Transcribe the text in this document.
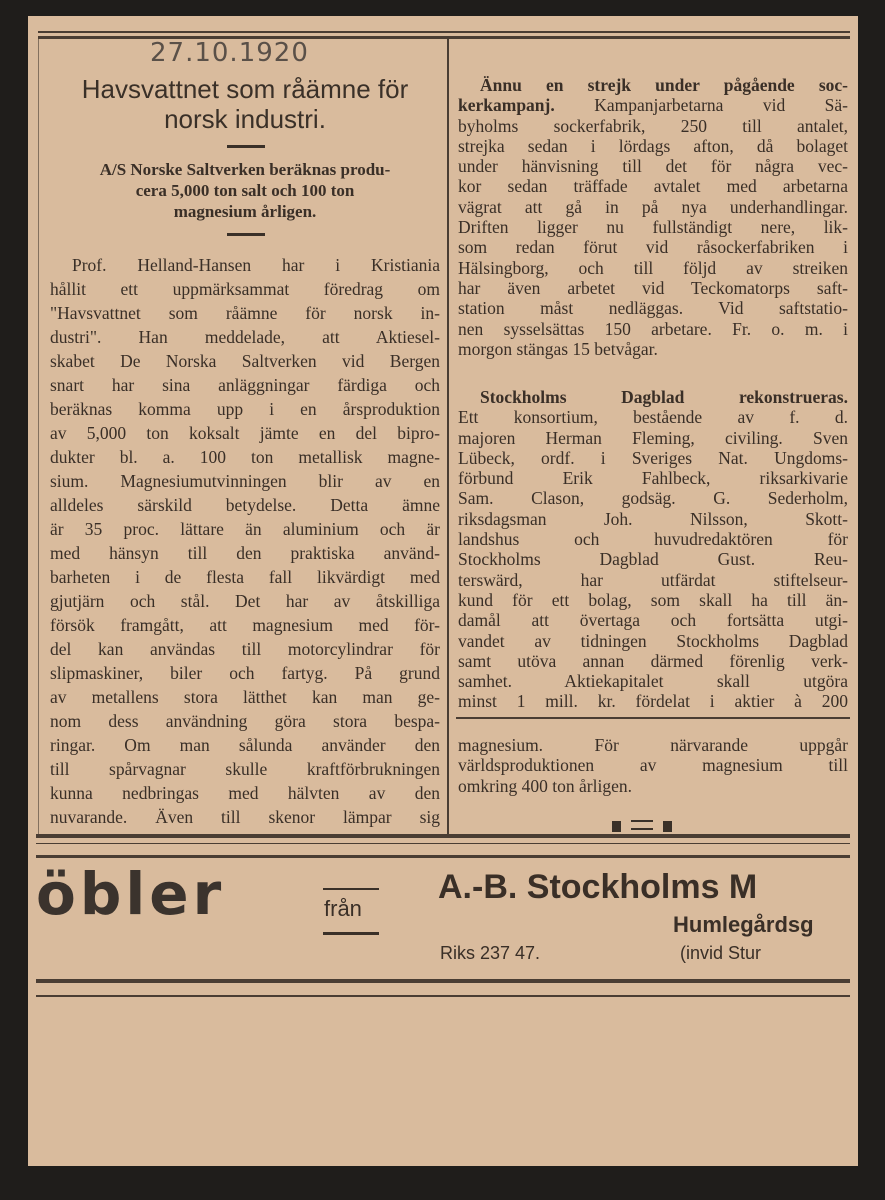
27.10.1920
Havsvattnet som råämne för
norsk industri.
A/S Norske Saltverken beräknas produ-
cera 5,000 ton salt och 100 ton
magnesium årligen.
Prof. Helland-Hansen har i Kristiania
hållit ett uppmärksammat föredrag om
"Havsvattnet som råämne för norsk in-
dustri". Han meddelade, att Aktiesel-
skabet De Norska Saltverken vid Bergen
snart har sina anläggningar färdiga och
beräknas komma upp i en årsproduktion
av 5,000 ton koksalt jämte en del bipro-
dukter bl. a. 100 ton metallisk magne-
sium. Magnesiumutvinningen blir av en
alldeles särskild betydelse. Detta ämne
är 35 proc. lättare än aluminium och är
med hänsyn till den praktiska använd-
barheten i de flesta fall likvärdigt med
gjutjärn och stål. Det har av åtskilliga
försök framgått, att magnesium med för-
del kan användas till motorcylindrar för
slipmaskiner, biler och fartyg. På grund
av metallens stora lätthet kan man ge-
nom dess användning göra stora bespa-
ringar. Om man sålunda använder den
till spårvagnar skulle kraftförbrukningen
kunna nedbringas med hälvten av den
nuvarande. Även till skenor lämpar sig
Ännu en strejk under pågående soc-
kerkampanj. Kampanjarbetarna vid Sä-
byholms sockerfabrik, 250 till antalet,
strejka sedan i lördags afton, då bolaget
under hänvisning till det för några vec-
kor sedan träffade avtalet med arbetarna
vägrat att gå in på nya underhandlingar.
Driften ligger nu fullständigt nere, lik-
som redan förut vid råsockerfabriken i
Hälsingborg, och till följd av streiken
har även arbetet vid Teckomatorps saft-
station måst nedläggas. Vid saftstatio-
nen sysselsättas 150 arbetare. Fr. o. m. i
morgon stängas 15 betvågar.
Stockholms Dagblad rekonstrueras.
Ett konsortium, bestående av f. d.
majoren Herman Fleming, civiling. Sven
Lübeck, ordf. i Sveriges Nat. Ungdoms-
förbund Erik Fahlbeck, riksarkivarie
Sam. Clason, godsäg. G. Sederholm,
riksdagsman Joh. Nilsson, Skott-
landshus och huvudredaktören för
Stockholms Dagblad Gust. Reu-
terswärd, har utfärdat stiftelseur-
kund för ett bolag, som skall ha till än-
damål att övertaga och fortsätta utgi-
vandet av tidningen Stockholms Dagblad
samt utöva annan därmed förenlig verk-
samhet. Aktiekapitalet skall utgöra
minst 1 mill. kr. fördelat i aktier à 200
magnesium. För närvarande uppgår
världsproduktionen av magnesium till
omkring 400 ton årligen.

öbler	från
A.-B. Stockholms M
Humlegårdsg
Riks 237 47.	(invid Stur
